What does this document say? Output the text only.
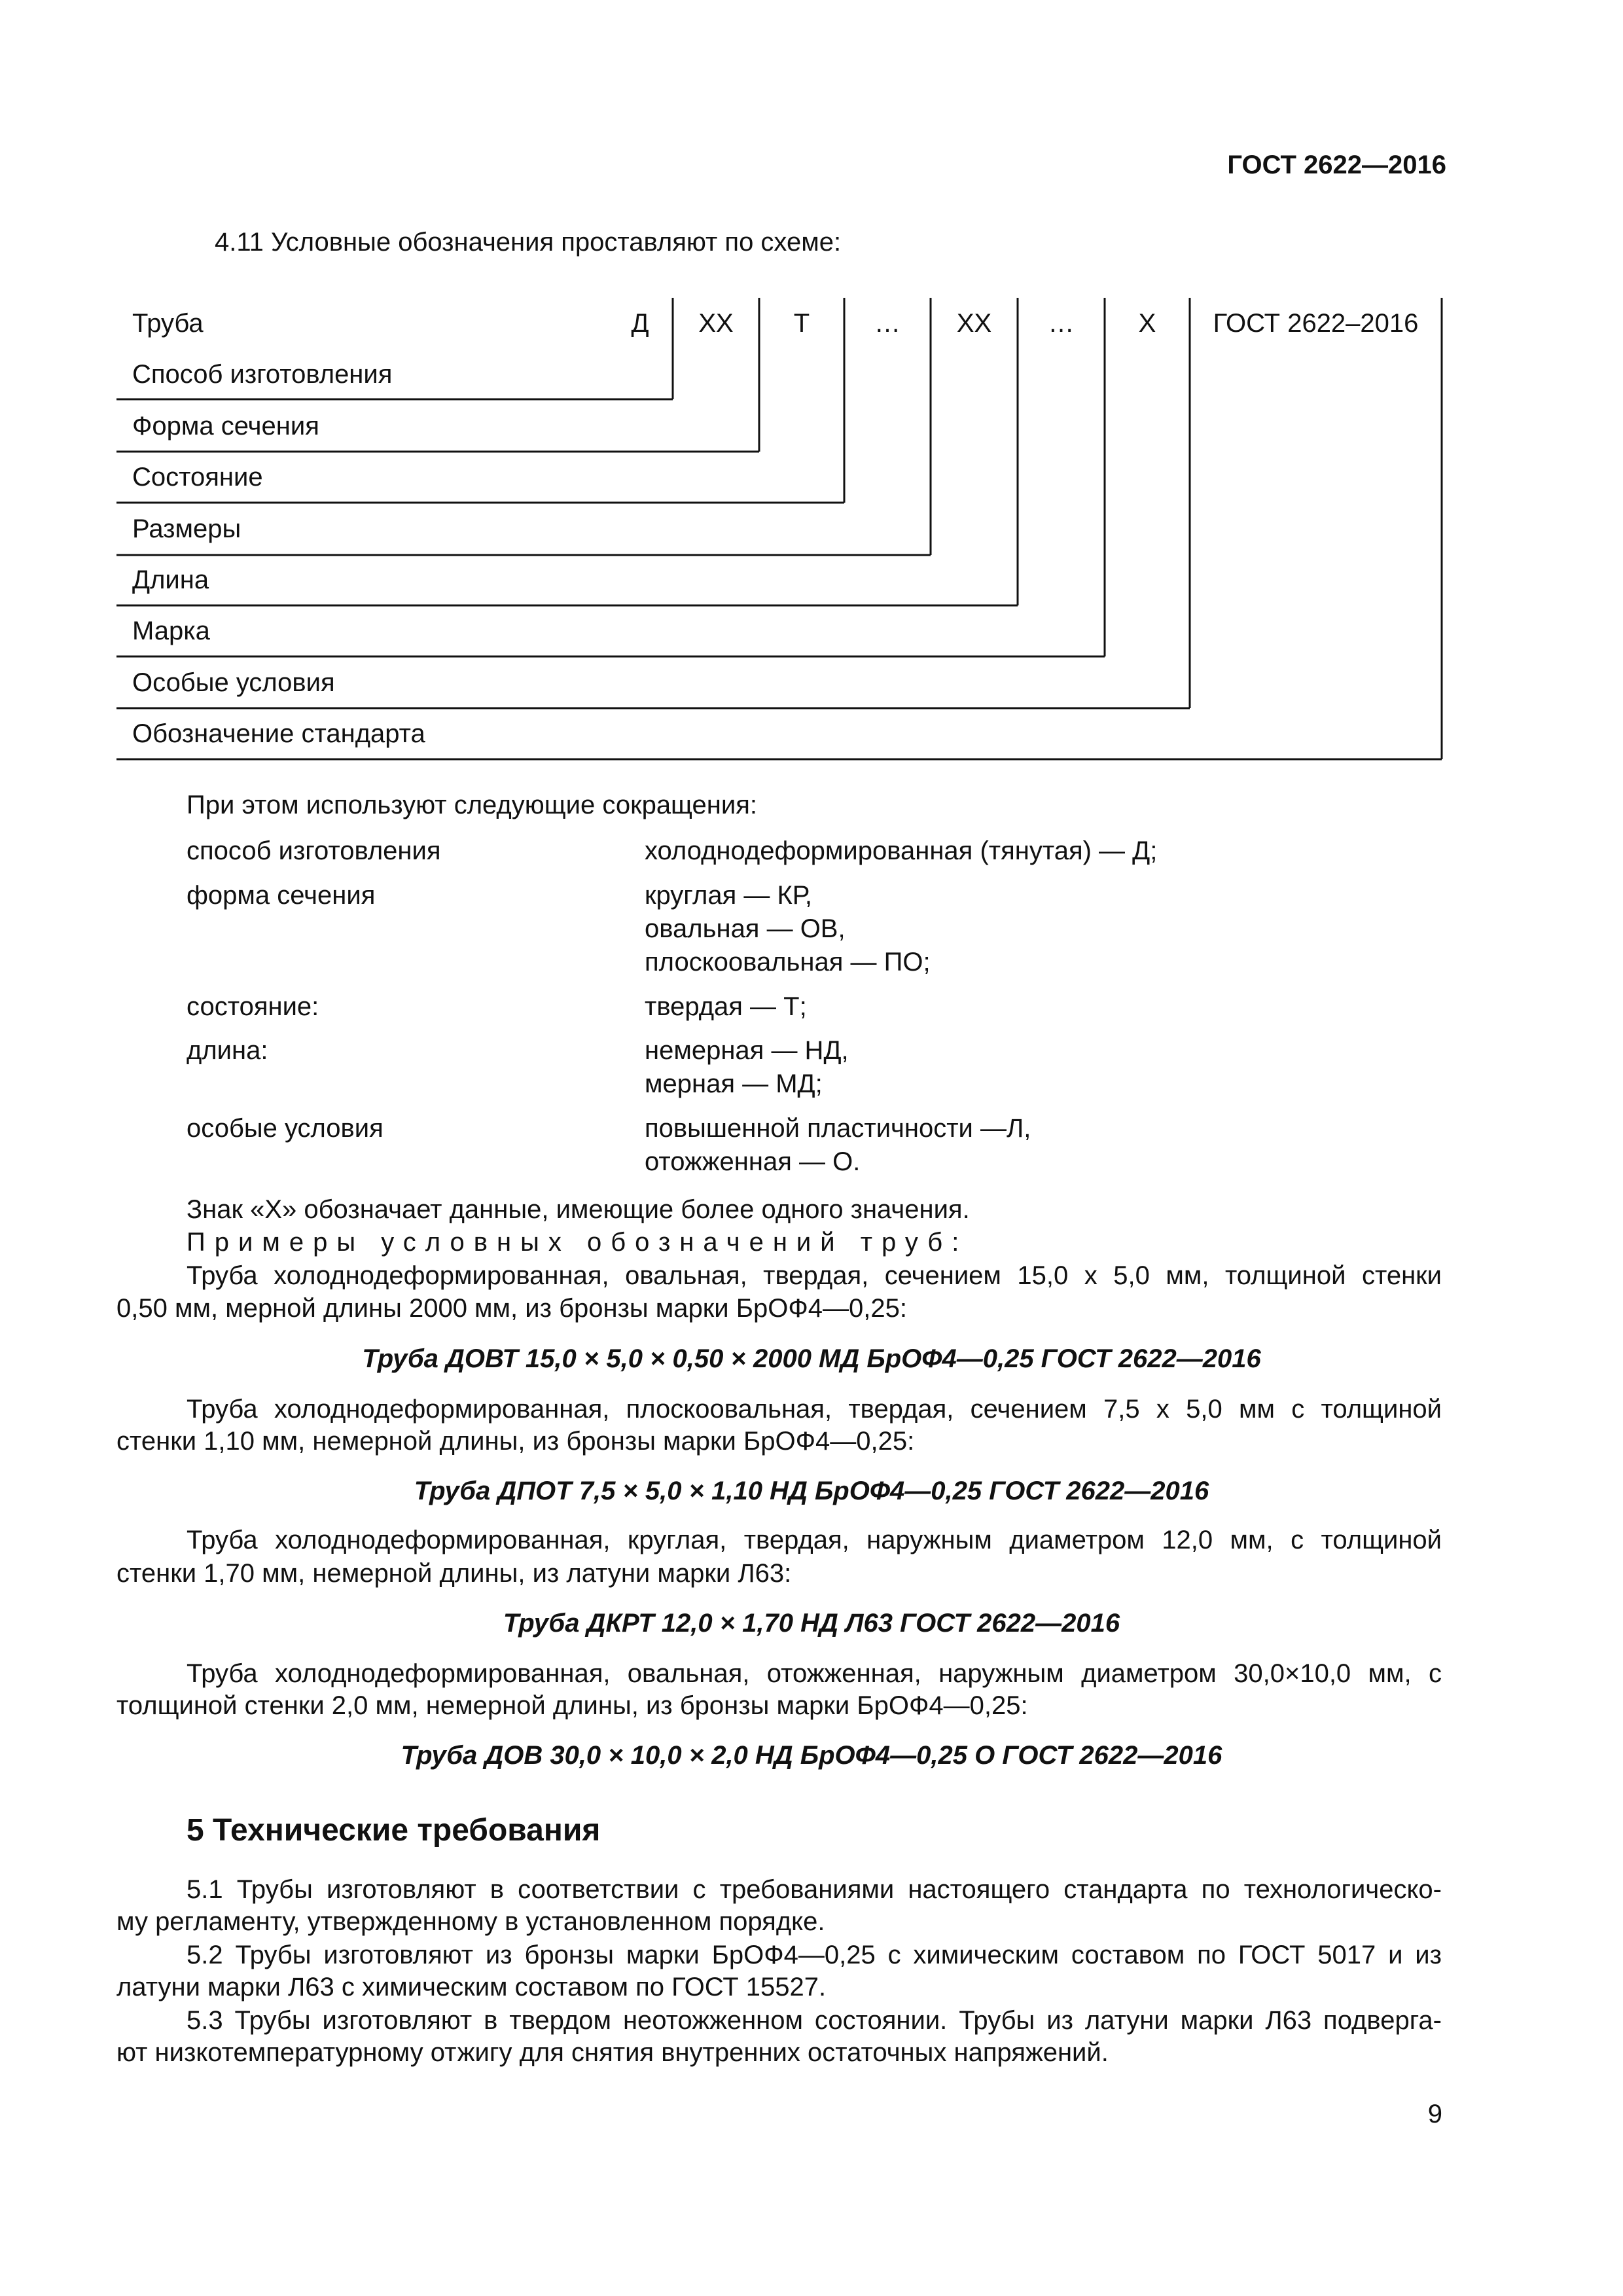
ГОСТ 2622—2016
4.11 Условные обозначения проставляют по схеме:
Труба	Д	ХХ	Т	…	ХХ	…	Х	ГОСТ 2622–2016
Способ изготовления
Форма сечения
Состояние
Размеры
Длина
Марка
Особые условия
Обозначение стандарта
При этом используют следующие сокращения:
способ изготовления	холоднодеформированная (тянутая) — Д;
форма сечения	круглая — КР,
овальная — ОВ,
плоскоовальная — ПО;
состояние:	твердая — Т;
длина:	немерная — НД,
мерная — МД;
особые условия	повышенной пластичности —Л,
отожженная — О.
Знак «Х» обозначает данные, имеющие более одного значения.
Примеры условных обозначений труб:
Труба холоднодеформированная, овальная, твердая, сечением 15,0 х 5,0 мм, толщиной стенки
0,50 мм, мерной длины 2000 мм, из бронзы марки БрОФ4—0,25:
Труба ДОВТ 15,0 × 5,0 × 0,50 × 2000 МД БрОФ4—0,25 ГОСТ 2622—2016
Труба холоднодеформированная, плоскоовальная, твердая, сечением 7,5 х 5,0 мм с толщиной
стенки 1,10 мм, немерной длины, из бронзы марки БрОФ4—0,25:
Труба ДПОТ 7,5 × 5,0 × 1,10 НД БрОФ4—0,25 ГОСТ 2622—2016
Труба холоднодеформированная, круглая, твердая, наружным диаметром 12,0 мм, с толщиной
стенки 1,70 мм, немерной длины, из латуни марки Л63:
Труба ДКРТ 12,0 × 1,70 НД Л63 ГОСТ 2622—2016
Труба холоднодеформированная, овальная, отожженная, наружным диаметром 30,0×10,0 мм, с
толщиной стенки 2,0 мм, немерной длины, из бронзы марки БрОФ4—0,25:
Труба ДОВ 30,0 × 10,0 × 2,0 НД БрОФ4—0,25 О ГОСТ 2622—2016
5 Технические требования
5.1 Трубы изготовляют в соответствии с требованиями настоящего стандарта по технологическо-
му регламенту, утвержденному в установленном порядке.
5.2 Трубы изготовляют из бронзы марки БрОФ4—0,25 с химическим составом по ГОСТ 5017 и из
латуни марки Л63 с химическим составом по ГОСТ 15527.
5.3 Трубы изготовляют в твердом неотожженном состоянии. Трубы из латуни марки Л63 подверга-
ют низкотемпературному отжигу для снятия внутренних остаточных напряжений.
9
